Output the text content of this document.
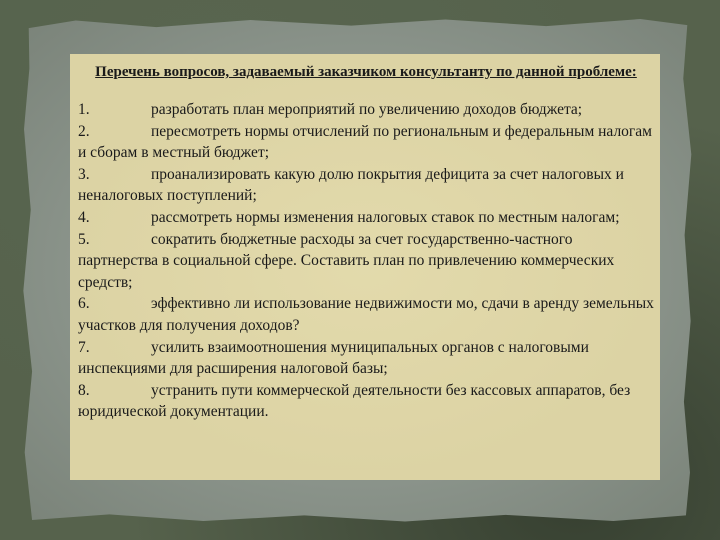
Перечень вопросов, задаваемый заказчиком консультанту по данной проблеме:

1.	разработать план мероприятий по увеличению доходов бюджета;

2.	пересмотреть нормы отчислений по региональным и федеральным налогам и сборам в местный бюджет;

3.	проанализировать какую долю покрытия дефицита за счет налоговых и неналоговых поступлений;

4.	рассмотреть нормы изменения налоговых ставок по местным налогам;

5.	сократить бюджетные расходы за счет государственно-частного партнерства в социальной сфере. Составить план по привлечению коммерческих средств;

6.	эффективно ли использование недвижимости мо, сдачи в аренду земельных участков для получения доходов?

7.	усилить взаимоотношения муниципальных органов с налоговыми инспекциями для расширения налоговой базы;

8.	устранить пути коммерческой деятельности без кассовых аппаратов, без юридической документации.
